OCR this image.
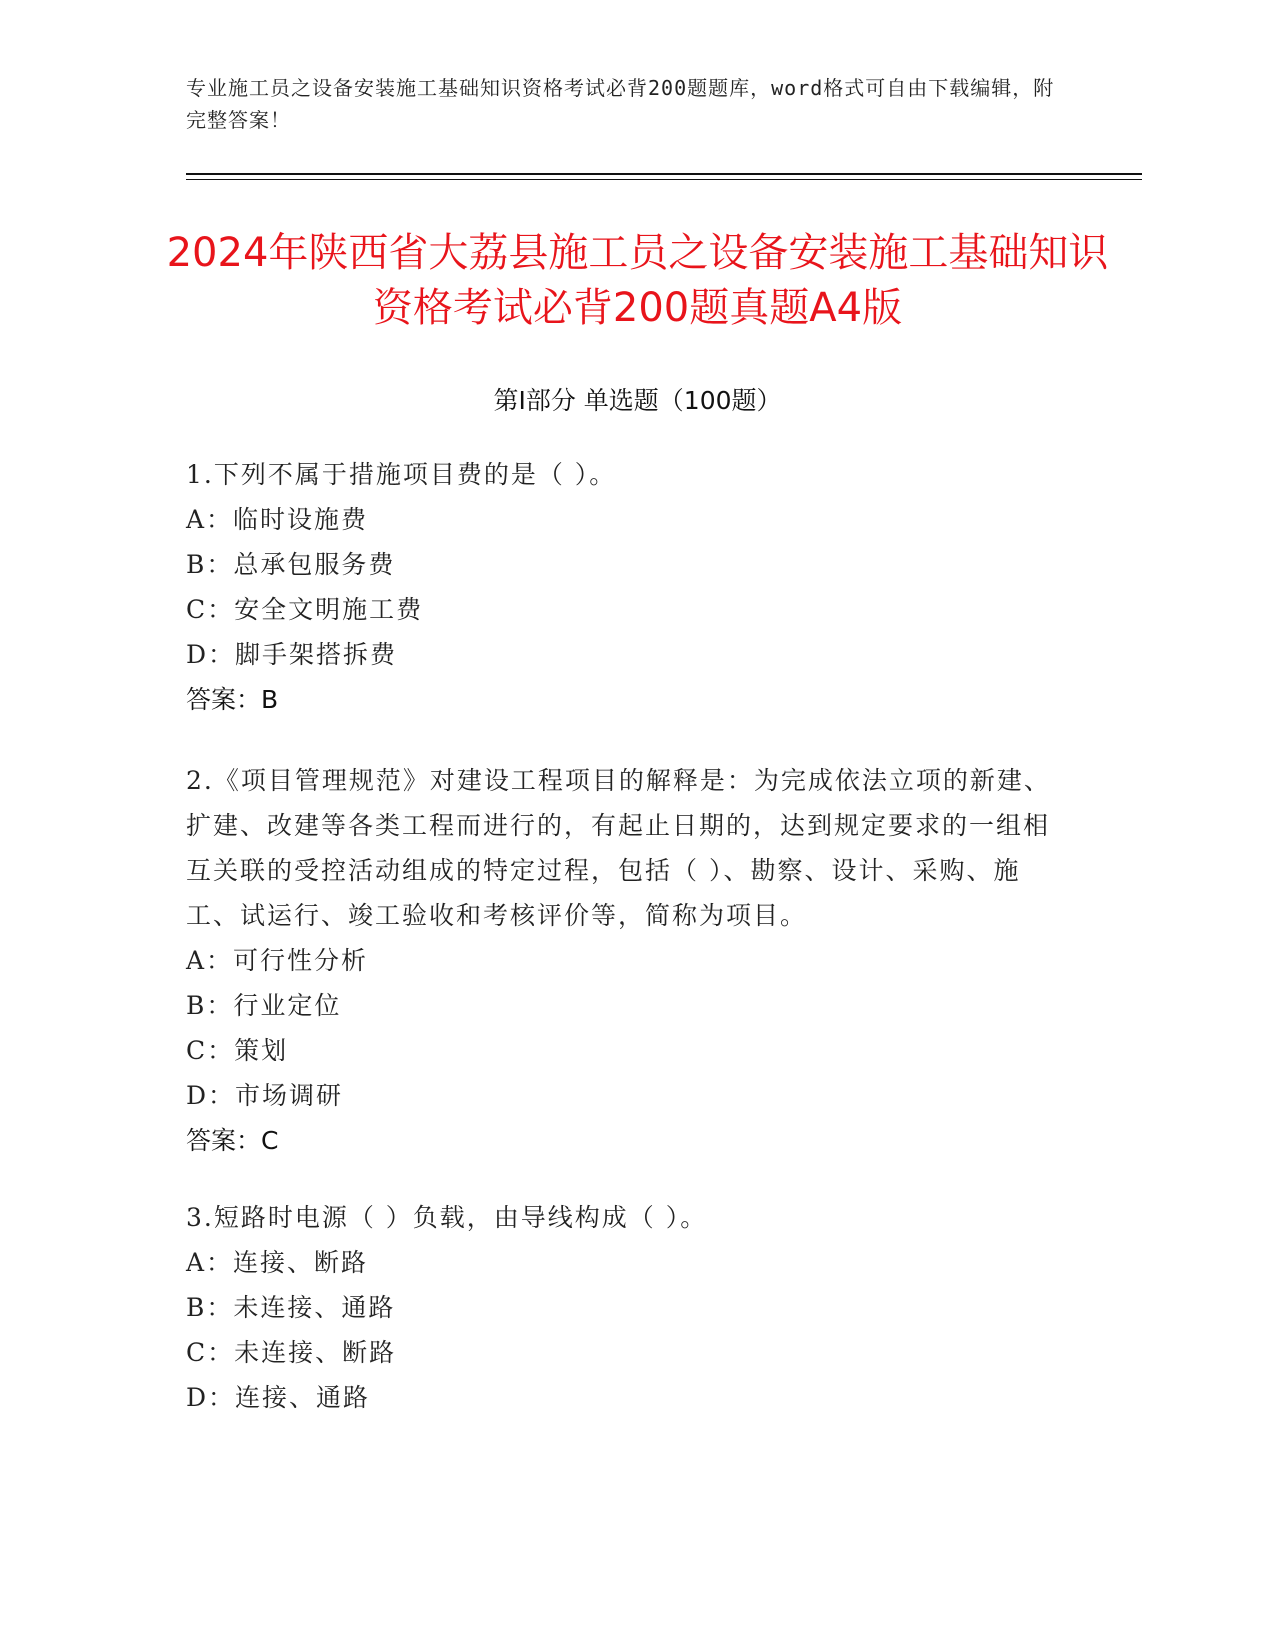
专业施工员之设备安装施工基础知识资格考试必背200题题库，word格式可自由下载编辑，附完整答案！
2024年陕西省大荔县施工员之设备安装施工基础知识资格考试必背200题真题A4版
第Ⅰ部分 单选题（100题）
1.下列不属于措施项目费的是（ ）。
A：临时设施费
B：总承包服务费
C：安全文明施工费
D：脚手架搭拆费
答案：B
2.《项目管理规范》对建设工程项目的解释是：为完成依法立项的新建、扩建、改建等各类工程而进行的，有起止日期的，达到规定要求的一组相互关联的受控活动组成的特定过程，包括（ ）、勘察、设计、采购、施工、试运行、竣工验收和考核评价等，简称为项目。
A：可行性分析
B：行业定位
C：策划
D：市场调研
答案：C
3.短路时电源（ ）负载，由导线构成（ ）。
A：连接、断路
B：未连接、通路
C：未连接、断路
D：连接、通路
